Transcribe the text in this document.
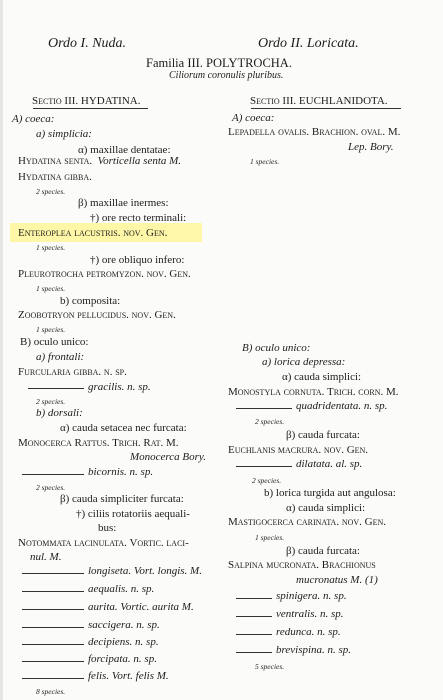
Ordo I. Nuda.	Ordo II. Loricata.
Familia III. POLYTROCHA.
Ciliorum coronulis pluribus.
Sectio III. HYDATINA.
A) coeca:
a) simplicia:
α) maxillae dentatae:
Hydatina senta. Vorticella senta M.
Hydatina gibba.
2 species.
β) maxillae inermes:
†) ore recto terminali:
Enteroplea lacustris. nov. Gen.
1 species.
†) ore obliquo infero:
Pleurotrocha petromyzon. nov. Gen.
1 species.
b) composita:
Zoobotryon pellucidus. nov. Gen.
1 species.
B) oculo unico:
a) frontali:
Furcularia gibba. n. sp.
gracilis. n. sp.
2 species.
b) dorsali:
α) cauda setacea nec furcata:
Monocerca Rattus. Trich. Rat. M.
Monocerca Bory.
bicornis. n. sp.
2 species.
β) cauda simpliciter furcata:
†) ciliis rotatoriis aequali-
bus:
Notommata lacinulata. Vortic. laci-
nul. M.
longiseta. Vort. longis. M.
aequalis. n. sp.
aurita. Vortic. aurita M.
saccigera. n. sp.
decipiens. n. sp.
forcipata. n. sp.
felis. Vort. felis M.
8 species.
Sectio III. EUCHLANIDOTA.
A) coeca:
Lepadella ovalis. Brachion. oval. M.
Lep. Bory.
1 species.
B) oculo unico:
a) lorica depressa:
α) cauda simplici:
Monostyla cornuta. Trich. corn. M.
quadridentata. n. sp.
2 species.
β) cauda furcata:
Euchlanis macrura. nov. Gen.
dilatata. al. sp.
2 species.
b) lorica turgida aut angulosa:
α) cauda simplici:
Mastigocerca carinata. nov. Gen.
1 species.
β) cauda furcata:
Salpina mucronata. Brachionus
mucronatus M. (1)
spinigera. n. sp.
ventralis. n. sp.
redunca. n. sp.
brevispina. n. sp.
5 species.
